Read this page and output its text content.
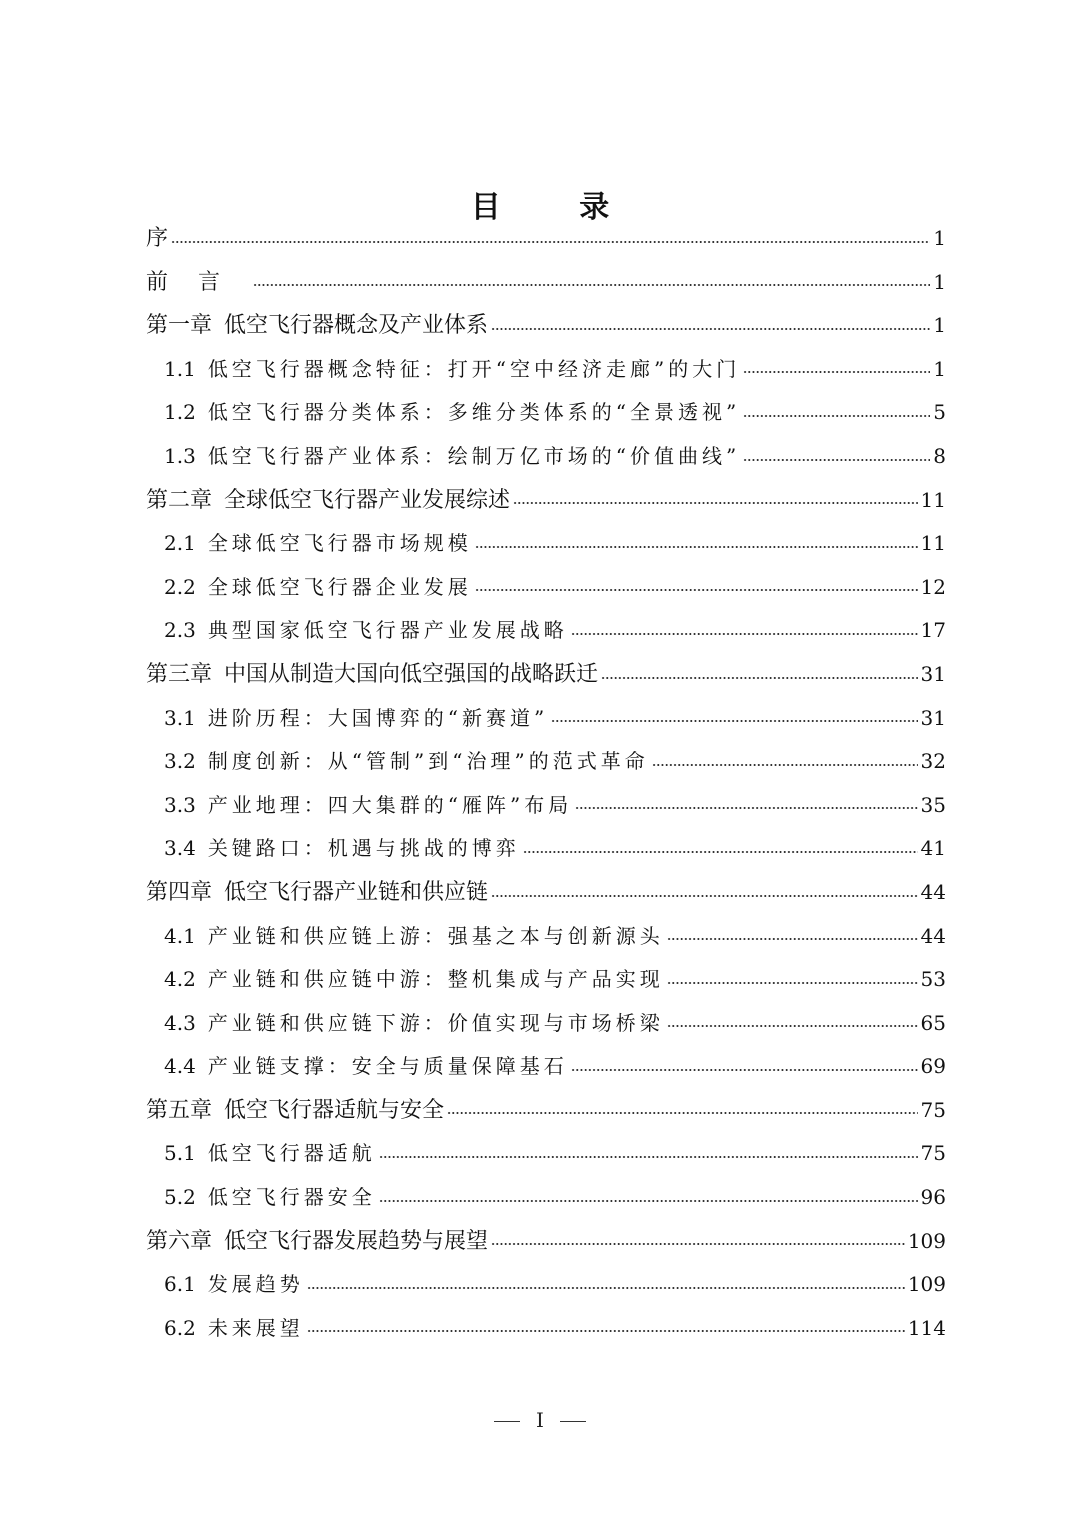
目 录
序	1
前言	1
第一章 低空飞行器概念及产业体系	1
1.1 低空飞行器概念特征：打开“空中经济走廊”的大门	1
1.2 低空飞行器分类体系：多维分类体系的“全景透视”	5
1.3 低空飞行器产业体系：绘制万亿市场的“价值曲线”	8
第二章 全球低空飞行器产业发展综述	11
2.1 全球低空飞行器市场规模	11
2.2 全球低空飞行器企业发展	12
2.3 典型国家低空飞行器产业发展战略	17
第三章 中国从制造大国向低空强国的战略跃迁	31
3.1 进阶历程：大国博弈的“新赛道”	31
3.2 制度创新：从“管制”到“治理”的范式革命	32
3.3 产业地理：四大集群的“雁阵”布局	35
3.4 关键路口：机遇与挑战的博弈	41
第四章 低空飞行器产业链和供应链	44
4.1 产业链和供应链上游：强基之本与创新源头	44
4.2 产业链和供应链中游：整机集成与产品实现	53
4.3 产业链和供应链下游：价值实现与市场桥梁	65
4.4 产业链支撑：安全与质量保障基石	69
第五章 低空飞行器适航与安全	75
5.1 低空飞行器适航	75
5.2 低空飞行器安全	96
第六章 低空飞行器发展趋势与展望	109
6.1 发展趋势	109
6.2 未来展望	114
I
